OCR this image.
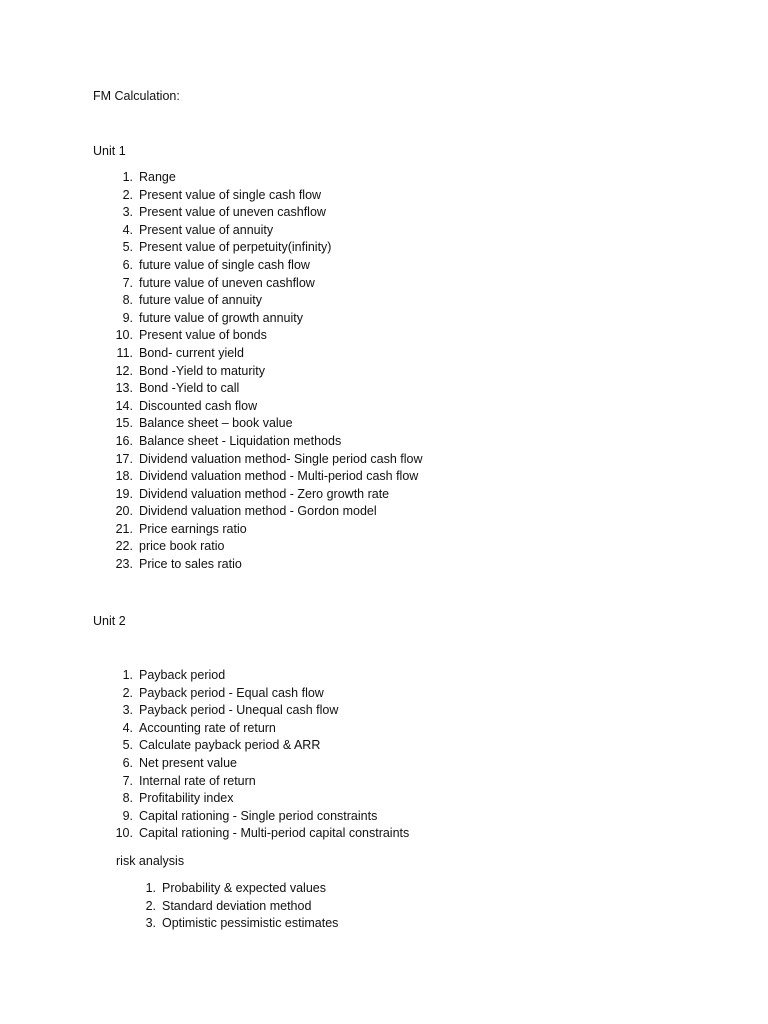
FM Calculation:
Unit 1
1. Range
2. Present value of single cash flow
3. Present value of uneven cashflow
4. Present value of annuity
5. Present value of perpetuity(infinity)
6. future value of single cash flow
7. future value of uneven cashflow
8. future value of annuity
9. future value of growth annuity
10. Present value of bonds
11. Bond- current yield
12. Bond -Yield to maturity
13. Bond -Yield to call
14. Discounted cash flow
15. Balance sheet – book value
16. Balance sheet - Liquidation methods
17. Dividend valuation method- Single period cash flow
18. Dividend valuation method - Multi-period cash flow
19. Dividend valuation method - Zero growth rate
20. Dividend valuation method - Gordon model
21. Price earnings ratio
22. price book ratio
23. Price to sales ratio
Unit 2
1. Payback period
2. Payback period - Equal cash flow
3. Payback period - Unequal cash flow
4. Accounting rate of return
5. Calculate payback period & ARR
6. Net present value
7. Internal rate of return
8. Profitability index
9. Capital rationing - Single period constraints
10. Capital rationing - Multi-period capital constraints
risk analysis
1. Probability & expected values
2. Standard deviation method
3. Optimistic pessimistic estimates
